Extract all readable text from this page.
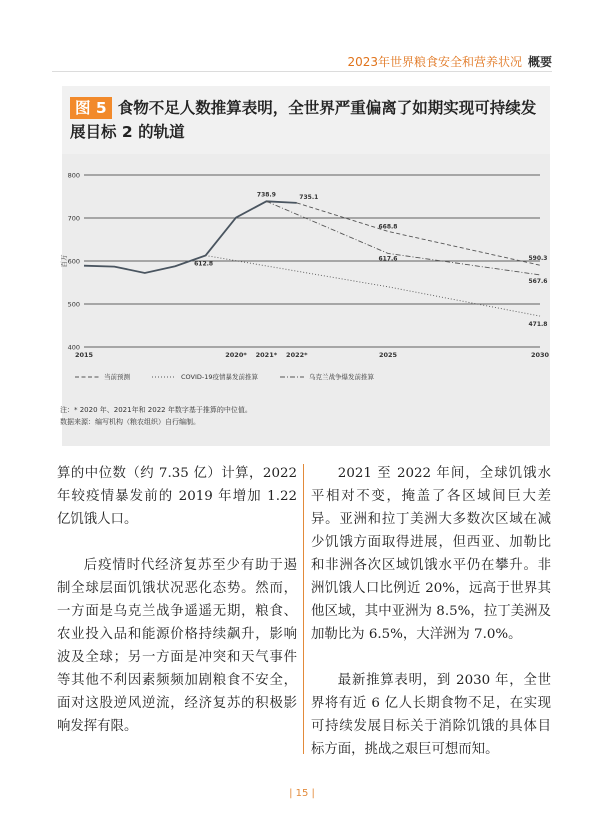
2023年世界粮食安全和营养状况 概要
图 5 食物不足人数推算表明，全世界严重偏离了如期实现可持续发展目标 2 的轨道
400
500
600
700
800
百万
2015	2020* 2021* 2022*	2025	2030
738.9	735.1
612.8
668.8
617.6	590.3
567.6
471.8
当前预测	COVID-19疫情暴发前推算	乌克兰战争爆发前推算
注：* 2020 年、2021年和 2022 年数字基于推算的中位值。
数据来源：编写机构（粮农组织）自行编制。

算的中位数（约 7.35 亿）计算，2022 年较疫情暴发前的 2019 年增加 1.22 亿饥饿人口。

后疫情时代经济复苏至少有助于遏制全球层面饥饿状况恶化态势。然而，一方面是乌克兰战争遥遥无期，粮食、农业投入品和能源价格持续飙升，影响波及全球；另一方面是冲突和天气事件等其他不利因素频频加剧粮食不安全，面对这股逆风逆流，经济复苏的积极影响发挥有限。

2021 至 2022 年间，全球饥饿水平相对不变，掩盖了各区域间巨大差异。亚洲和拉丁美洲大多数次区域在减少饥饿方面取得进展，但西亚、加勒比和非洲各次区域饥饿水平仍在攀升。非洲饥饿人口比例近 20%，远高于世界其他区域，其中亚洲为 8.5%，拉丁美洲及加勒比为 6.5%，大洋洲为 7.0%。

最新推算表明，到 2030 年，全世界将有近 6 亿人长期食物不足，在实现可持续发展目标关于消除饥饿的具体目标方面，挑战之艰巨可想而知。

| 15 |
